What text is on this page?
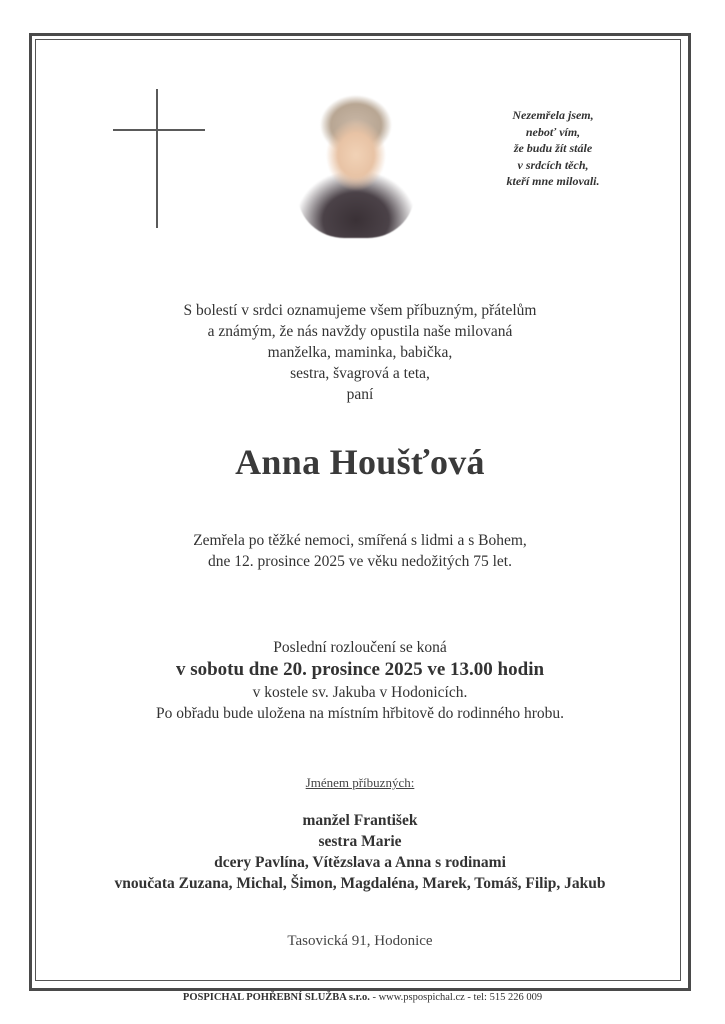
Nezemřela jsem,
neboť vím,
že budu žít stále
v srdcích těch,
kteří mne milovali.
S bolestí v srdci oznamujeme všem příbuzným, přátelům
a známým, že nás navždy opustila naše milovaná
manželka, maminka, babička,
sestra, švagrová a teta,
paní
Anna Houšťová
Zemřela po těžké nemoci, smířená s lidmi a s Bohem,
dne 12. prosince 2025 ve věku nedožitých 75 let.
Poslední rozloučení se koná
v sobotu dne 20. prosince 2025 ve 13.00 hodin
v kostele sv. Jakuba v Hodonicích.
Po obřadu bude uložena na místním hřbitově do rodinného hrobu.
Jménem příbuzných:
manžel František
sestra Marie
dcery Pavlína, Vítězslava a Anna s rodinami
vnoučata Zuzana, Michal, Šimon, Magdaléna, Marek, Tomáš, Filip, Jakub
Tasovická 91, Hodonice
POSPICHAL POHŘEBNÍ SLUŽBA s.r.o. - www.pspospichal.cz - tel: 515 226 009
